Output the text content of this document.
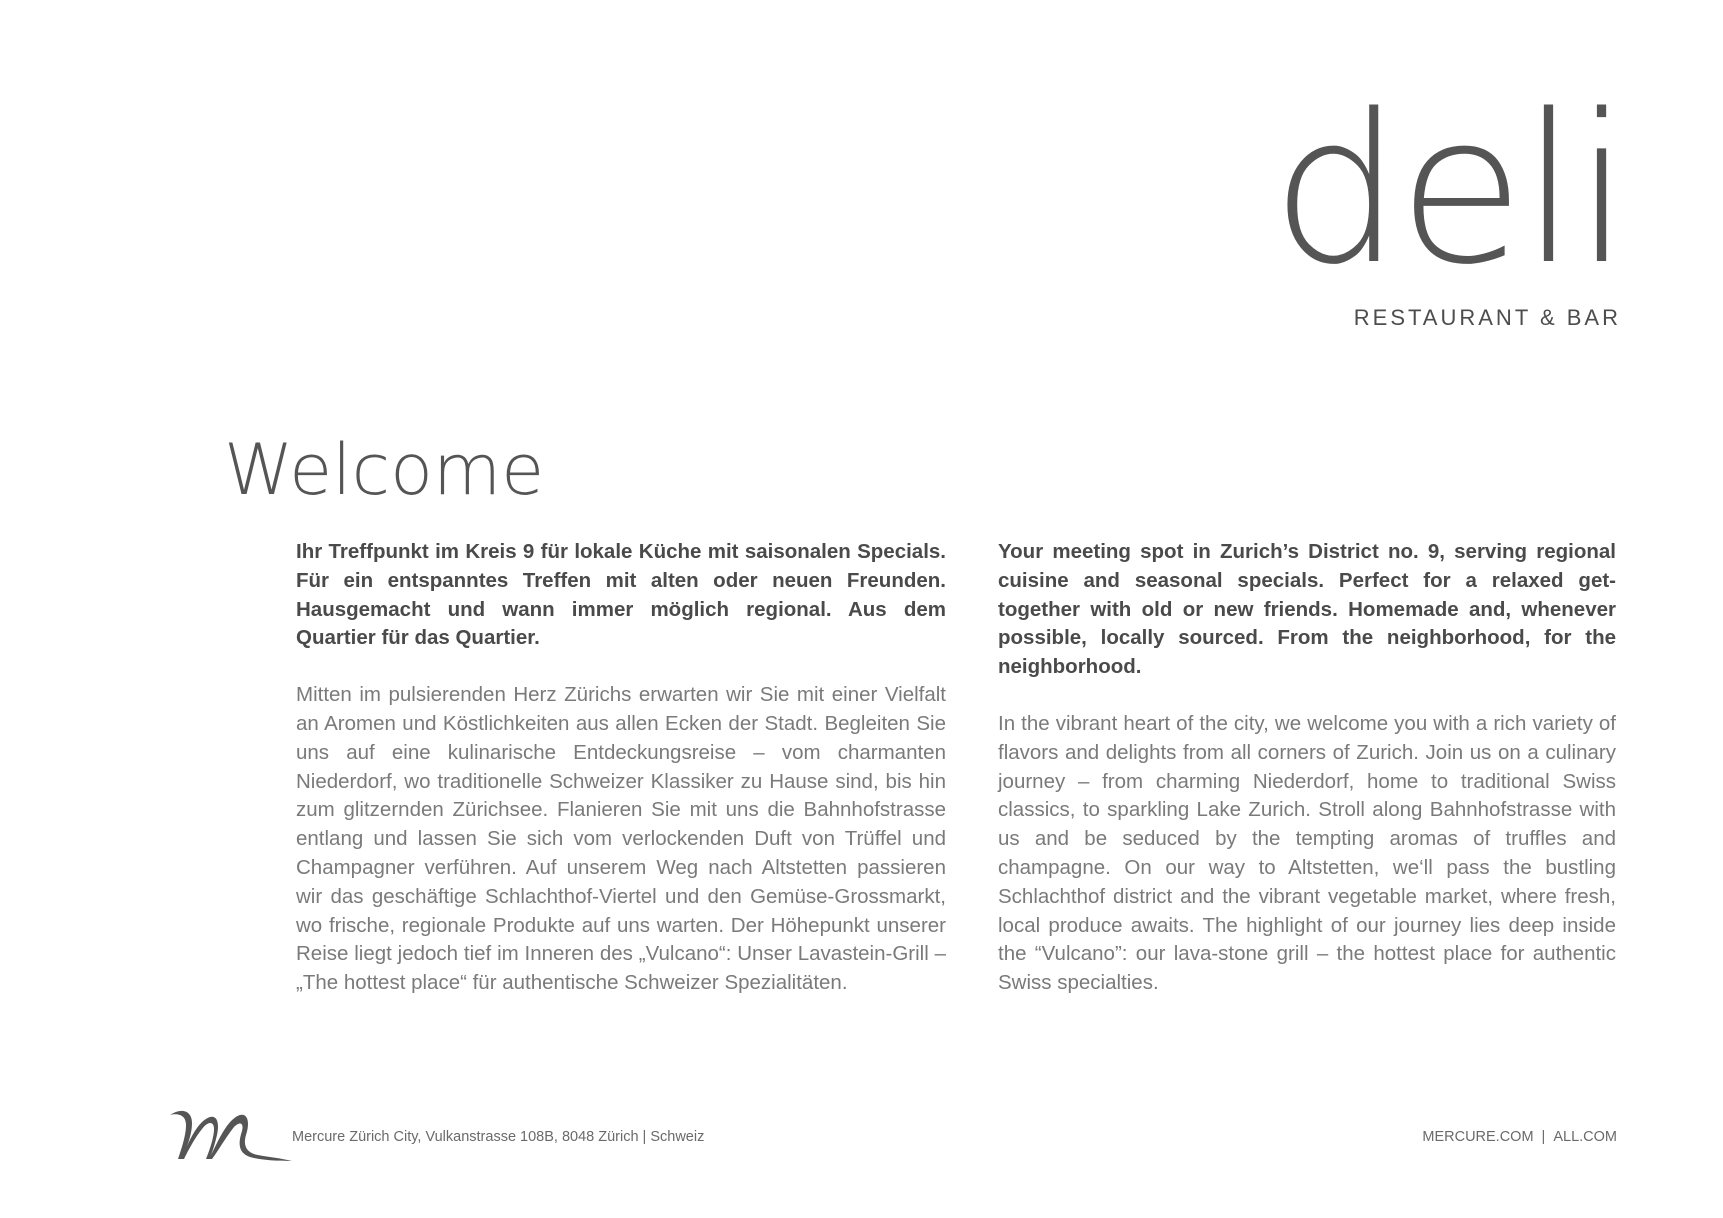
deli
RESTAURANT & BAR
Welcome

Ihr Treffpunkt im Kreis 9 für lokale Küche mit saisonalen Specials. Für ein entspanntes Treffen mit alten oder neuen Freunden. Hausgemacht und wann immer möglich regional. Aus dem Quartier für das Quartier.

Mitten im pulsierenden Herz Zürichs erwarten wir Sie mit einer Vielfalt an Aromen und Köstlichkeiten aus allen Ecken der Stadt. Begleiten Sie uns auf eine kulinarische Entdeckungsreise – vom charmanten Niederdorf, wo traditionelle Schweizer Klassiker zu Hause sind, bis hin zum glitzernden Zürichsee. Flanieren Sie mit uns die Bahnhofstrasse entlang und lassen Sie sich vom verlockenden Duft von Trüffel und Champagner verführen. Auf unserem Weg nach Altstetten passieren wir das geschäftige Schlachthof-Viertel und den Gemüse-Grossmarkt, wo frische, regionale Produkte auf uns warten. Der Höhepunkt unserer Reise liegt jedoch tief im Inneren des „Vulcano“: Unser Lavastein-Grill – „The hottest place“ für authentische Schweizer Spezialitäten.

Your meeting spot in Zurich’s District no. 9, serving regional cuisine and seasonal specials. Perfect for a relaxed get-together with old or new friends. Homemade and, whenever possible, locally sourced. From the neighborhood, for the neighborhood.

In the vibrant heart of the city, we welcome you with a rich variety of flavors and delights from all corners of Zurich. Join us on a culinary journey – from charming Niederdorf, home to traditional Swiss classics, to sparkling Lake Zurich. Stroll along Bahnhofstrasse with us and be seduced by the tempting aromas of truffles and champagne. On our way to Altstetten, we‘ll pass the bustling Schlachthof district and the vibrant vegetable market, where fresh, local produce awaits. The highlight of our journey lies deep inside the “Vulcano”: our lava-stone grill – the hottest place for authentic Swiss specialties.

Mercure Zürich City, Vulkanstrasse 108B, 8048 Zürich | Schweiz	MERCURE.COM | ALL.COM
